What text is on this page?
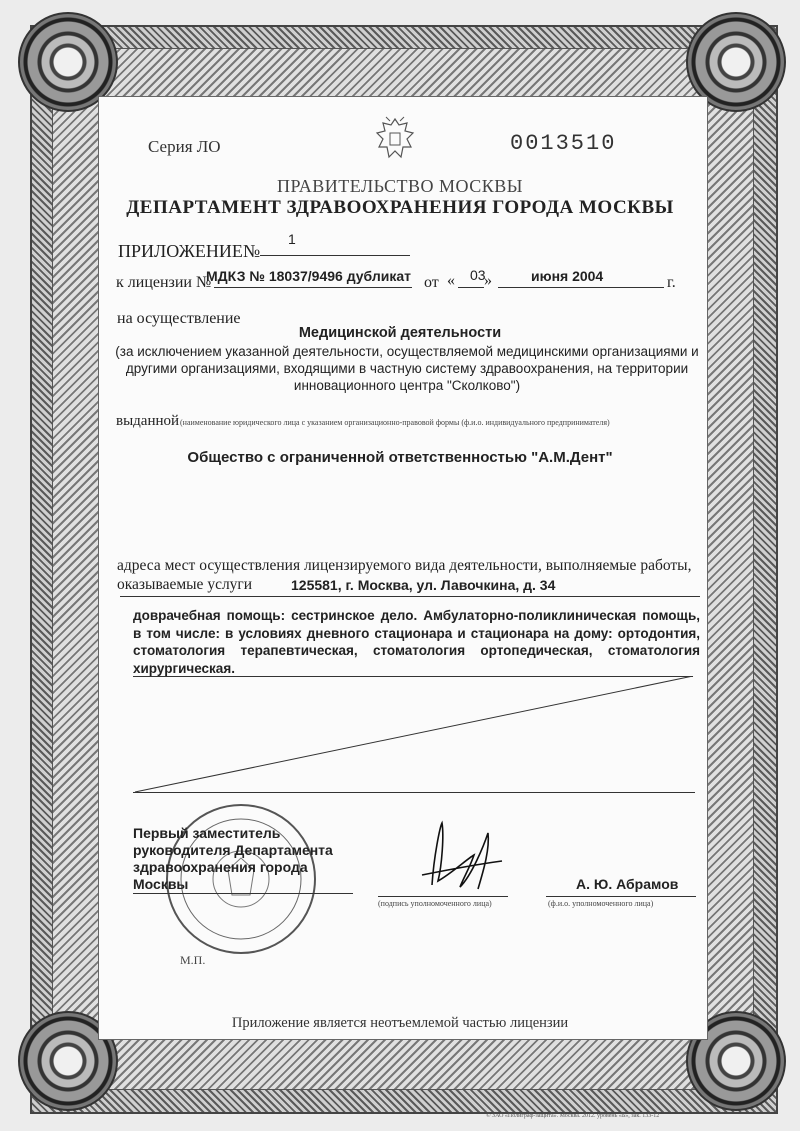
Серия ЛО	0013510
ПРАВИТЕЛЬСТВО МОСКВЫ
ДЕПАРТАМЕНТ ЗДРАВООХРАНЕНИЯ ГОРОДА МОСКВЫ
ПРИЛОЖЕНИЕ №
1
к лицензии №
МДКЗ № 18037/9496 дубликат от « 03
»	июня 2004	г.
на осуществление
Медицинской деятельности
(за исключением указанной деятельности, осуществляемой медицинскими организациями и другими организациями, входящими в частную систему здравоохранения, на территории инновационного центра "Сколково")
выданной (наименование юридического лица с указанием организационно-правовой формы (ф.и.о. индивидуального предпринимателя)
Общество с ограниченной ответственностью "А.М.Дент"
адреса мест осуществления лицензируемого вида деятельности, выполняемые работы, оказываемые услуги	125581, г. Москва, ул. Лавочкина, д. 34
доврачебная помощь: сестринское дело. Амбулаторно-поликлиническая помощь, в том числе: в условиях дневного стационара и стационара на дому: ортодонтия, стоматология терапевтическая, стоматология ортопедическая, стоматология хирургическая.
Первый заместитель руководителя Департамента здравоохранения города Москвы	А. Ю. Абрамов
(подпись уполномоченного лица)	(ф.и.о. уполномоченного лица)
М.П.
Приложение является неотъемлемой частью лицензии
© ЗАО «Полиграф-защита». Москва. 2012. уровень «Б», зак. 133-12
